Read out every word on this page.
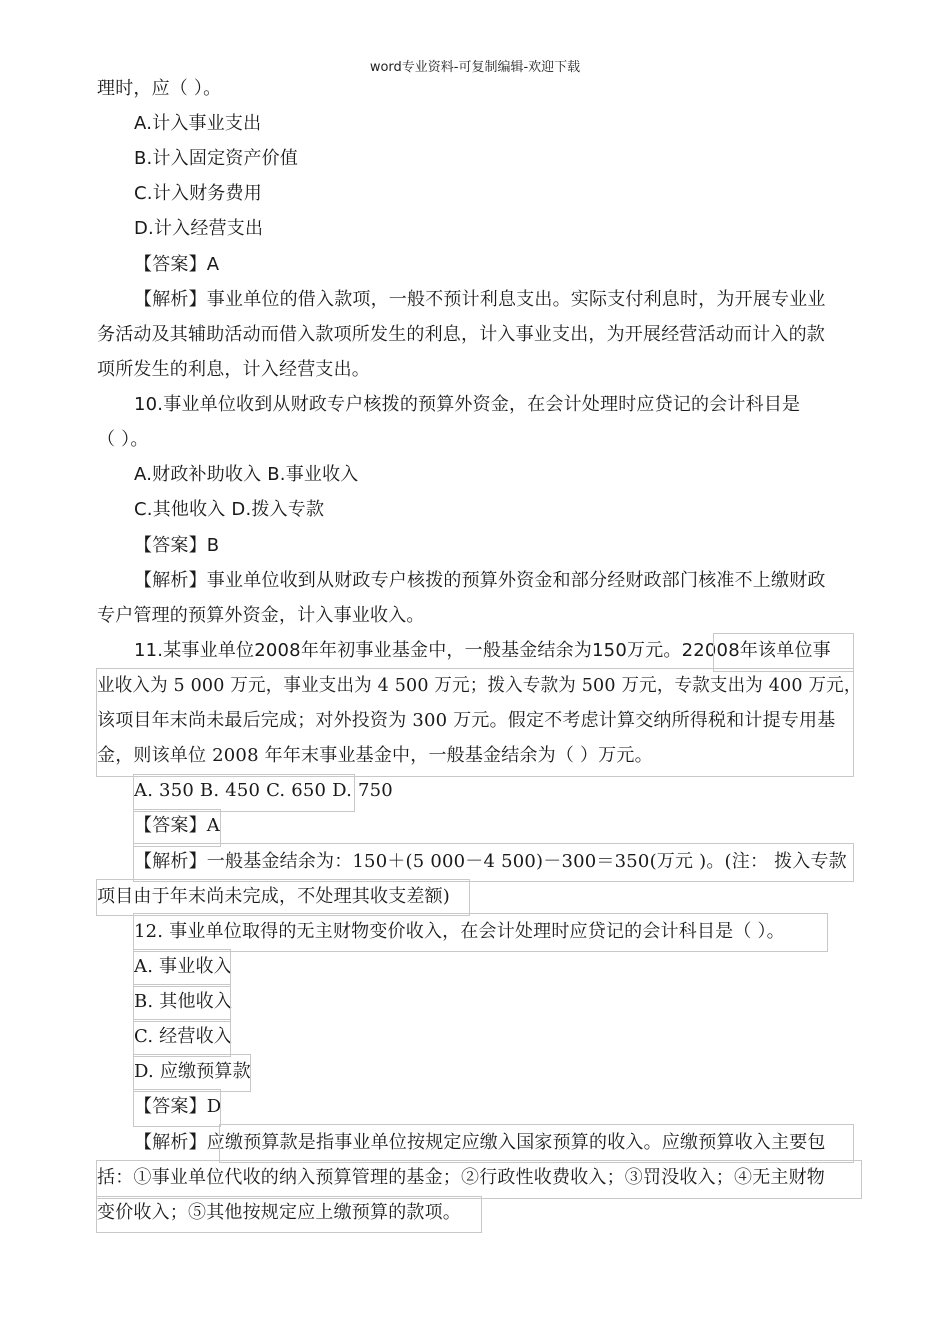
word专业资料-可复制编辑-欢迎下载
理时，应（ ）。
A.计入事业支出
B.计入固定资产价值
C.计入财务费用
D.计入经营支出
【答案】A
【解析】事业单位的借入款项，一般不预计利息支出。实际支付利息时，为开展专业业
务活动及其辅助活动而借入款项所发生的利息，计入事业支出，为开展经营活动而计入的款
项所发生的利息，计入经营支出。
10.事业单位收到从财政专户核拨的预算外资金，在会计处理时应贷记的会计科目是
（ ）。
A.财政补助收入 B.事业收入
C.其他收入 D.拨入专款
【答案】B
【解析】事业单位收到从财政专户核拨的预算外资金和部分经财政部门核准不上缴财政
专户管理的预算外资金，计入事业收入。
11.某事业单位2008年年初事业基金中，一般基金结余为150万元。22008年该单位事
业收入为 5 000 万元，事业支出为 4 500 万元；拨入专款为 500 万元，专款支出为 400 万元，
该项目年末尚未最后完成；对外投资为 300 万元。假定不考虑计算交纳所得税和计提专用基
金，则该单位 2008 年年末事业基金中，一般基金结余为（ ）万元。
A. 350 B. 450 C. 650 D. 750
【答案】A
【解析】一般基金结余为：150＋(5 000－4 500)－300＝350(万元 )。(注： 拨入专款
项目由于年末尚未完成，不处理其收支差额)
12. 事业单位取得的无主财物变价收入，在会计处理时应贷记的会计科目是（ ）。
A. 事业收入
B. 其他收入
C. 经营收入
D. 应缴预算款
【答案】D
【解析】应缴预算款是指事业单位按规定应缴入国家预算的收入。应缴预算收入主要包
括：①事业单位代收的纳入预算管理的基金；②行政性收费收入；③罚没收入；④无主财物
变价收入；⑤其他按规定应上缴预算的款项。
